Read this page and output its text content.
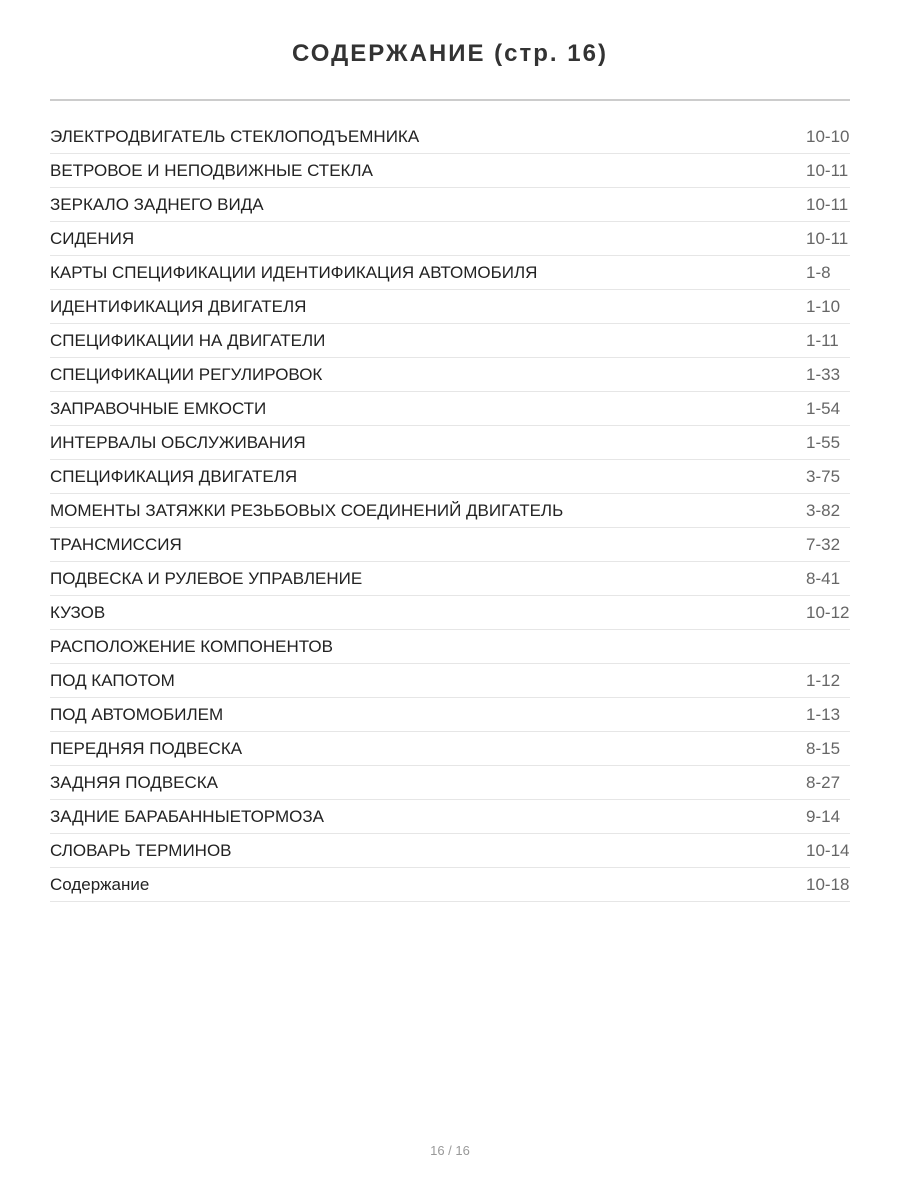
СОДЕРЖАНИЕ (стр. 16)
ЭЛЕКТРОДВИГАТЕЛЬ СТЕКЛОПОДЪЕМНИКА	10-10
ВЕТРОВОЕ И НЕПОДВИЖНЫЕ СТЕКЛА	10-11
ЗЕРКАЛО ЗАДНЕГО ВИДА	10-11
СИДЕНИЯ	10-11
КАРТЫ СПЕЦИФИКАЦИИ ИДЕНТИФИКАЦИЯ АВТОМОБИЛЯ	1-8
ИДЕНТИФИКАЦИЯ ДВИГАТЕЛЯ	1-10
СПЕЦИФИКАЦИИ НА ДВИГАТЕЛИ	1-11
СПЕЦИФИКАЦИИ РЕГУЛИРОВОК	1-33
ЗАПРАВОЧНЫЕ ЕМКОСТИ	1-54
ИНТЕРВАЛЫ ОБСЛУЖИВАНИЯ	1-55
СПЕЦИФИКАЦИЯ ДВИГАТЕЛЯ	3-75
МОМЕНТЫ ЗАТЯЖКИ РЕЗЬБОВЫХ СОЕДИНЕНИЙ ДВИГАТЕЛЬ	3-82
ТРАНСМИССИЯ	7-32
ПОДВЕСКА И РУЛЕВОЕ УПРАВЛЕНИЕ	8-41
КУЗОВ	10-12
РАСПОЛОЖЕНИЕ КОМПОНЕНТОВ
ПОД КАПОТОМ	1-12
ПОД АВТОМОБИЛЕМ	1-13
ПЕРЕДНЯЯ ПОДВЕСКА	8-15
ЗАДНЯЯ ПОДВЕСКА	8-27
ЗАДНИЕ БАРАБАННЫЕТОРМОЗА	9-14
СЛОВАРЬ ТЕРМИНОВ	10-14
Содержание	10-18
16 / 16
